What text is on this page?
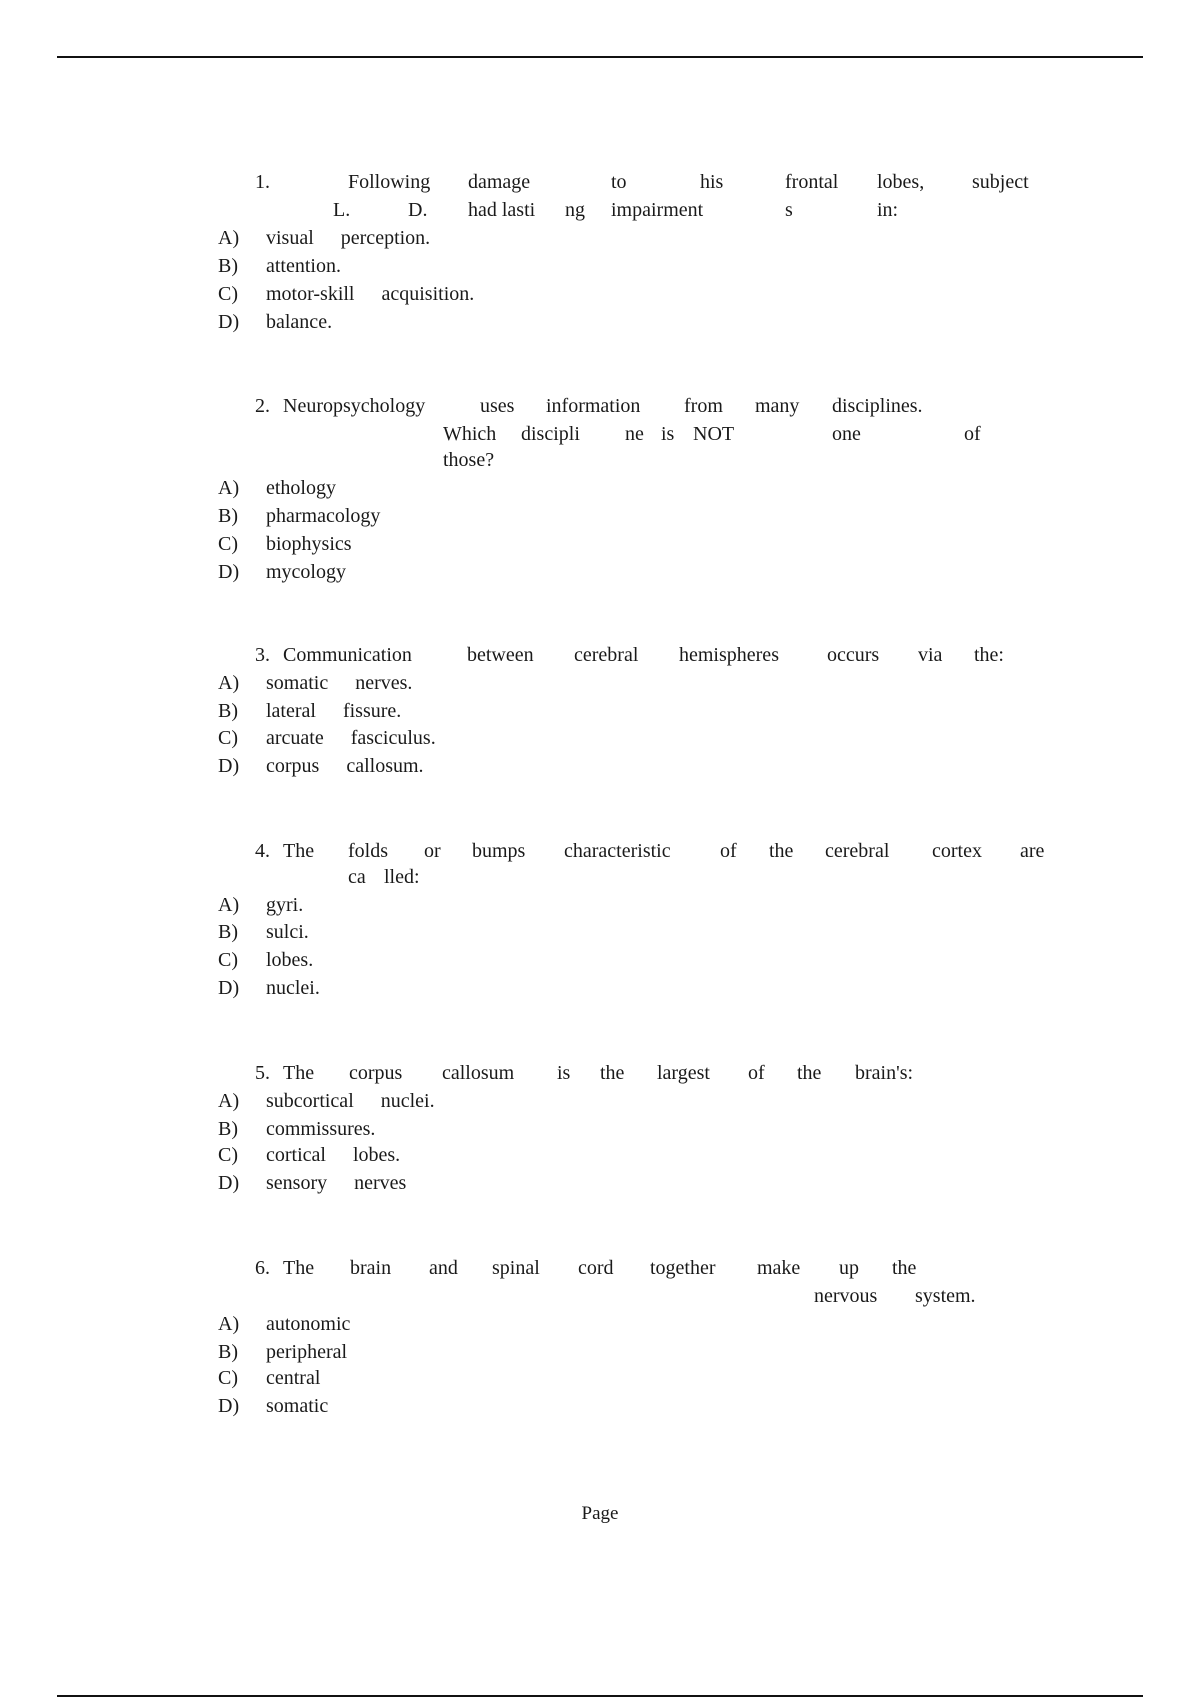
1.	Following damage	to	his	frontal lobes, subject
L.	D. had lasti ng impairment	s	in:
A) visual perception.
B) attention.
C) motor-skill acquisition.
D) balance.
2. Neuropsychology	uses information from many disciplines.
Which discipli ne is NOT	one	of
those?
A) ethology
B) pharmacology
C) biophysics
D) mycology
3. Communication	between cerebral hemispheres occurs via the:
A) somatic nerves.
B) lateral fissure.
C) arcuate fasciculus.
D) corpus callosum.
4. The folds or bumps characteristic of the cerebral cortex are
ca lled:
A) gyri.
B) sulci.
C) lobes.
D) nuclei.
5. The corpus callosum is the largest of the brain's:
A) subcortical nuclei.
B) commissures.
C) cortical lobes.
D) sensory nerves
6. The brain and spinal cord together make up the
nervous system.
A) autonomic
B) peripheral
C) central
D) somatic
Page
